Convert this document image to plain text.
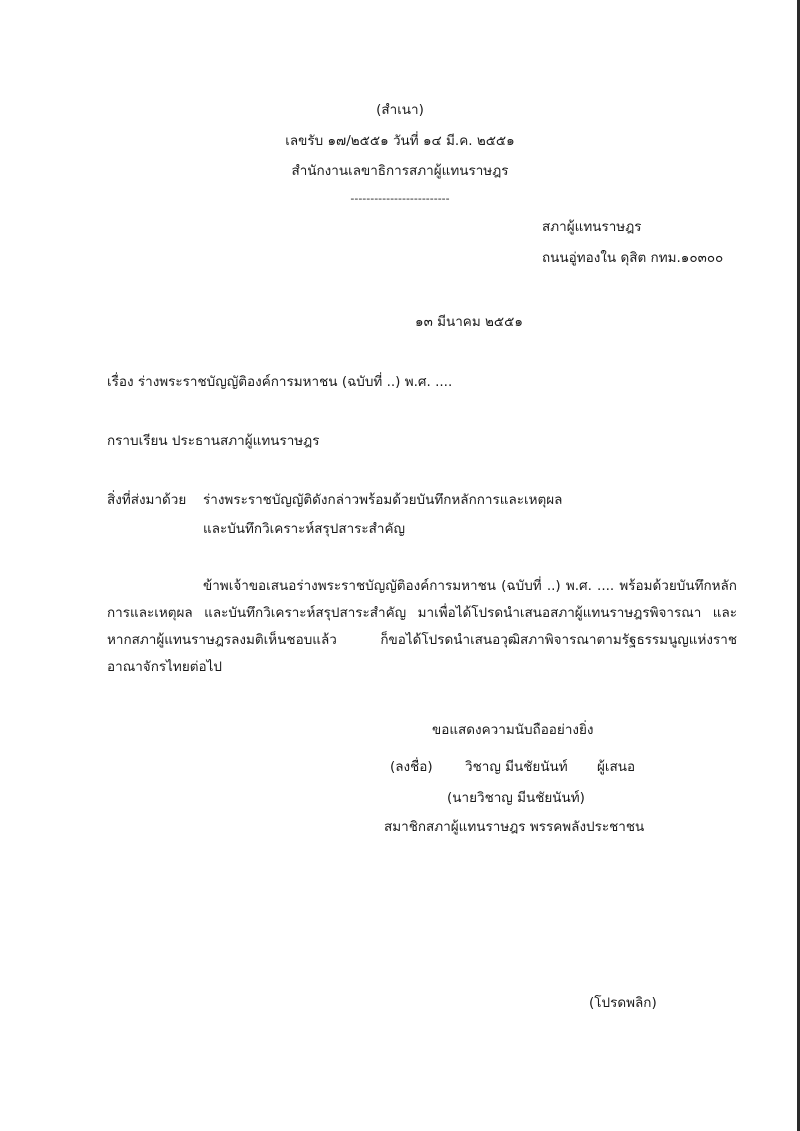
(สำเนา)
เลขรับ ๑๗/๒๕๕๑ วันที่ ๑๔ มี.ค. ๒๕๕๑
สำนักงานเลขาธิการสภาผู้แทนราษฎร
-------------------------
สภาผู้แทนราษฎร
ถนนอู่ทองใน ดุสิต กทม.๑๐๓๐๐
๑๓ มีนาคม ๒๕๕๑
เรื่อง ร่างพระราชบัญญัติองค์การมหาชน (ฉบับที่ ..) พ.ศ. ....
กราบเรียน ประธานสภาผู้แทนราษฎร
สิ่งที่ส่งมาด้วย ร่างพระราชบัญญัติดังกล่าวพร้อมด้วยบันทึกหลักการและเหตุผล
และบันทึกวิเคราะห์สรุปสาระสำคัญ
ข้าพเจ้าขอเสนอร่างพระราชบัญญัติองค์การมหาชน (ฉบับที่ ..) พ.ศ. .... พร้อมด้วยบันทึกหลักการและเหตุผล และบันทึกวิเคราะห์สรุปสาระสำคัญ มาเพื่อได้โปรดนำเสนอสภาผู้แทนราษฎรพิจารณา และหากสภาผู้แทนราษฎรลงมติเห็นชอบแล้ว ก็ขอได้โปรดนำเสนอวุฒิสภาพิจารณาตามรัฐธรรมนูญแห่งราชอาณาจักรไทยต่อไป
ขอแสดงความนับถืออย่างยิ่ง
(ลงชื่อ) วิชาญ มีนชัยนันท์ ผู้เสนอ
(นายวิชาญ มีนชัยนันท์)
สมาชิกสภาผู้แทนราษฎร พรรคพลังประชาชน
(โปรดพลิก)
